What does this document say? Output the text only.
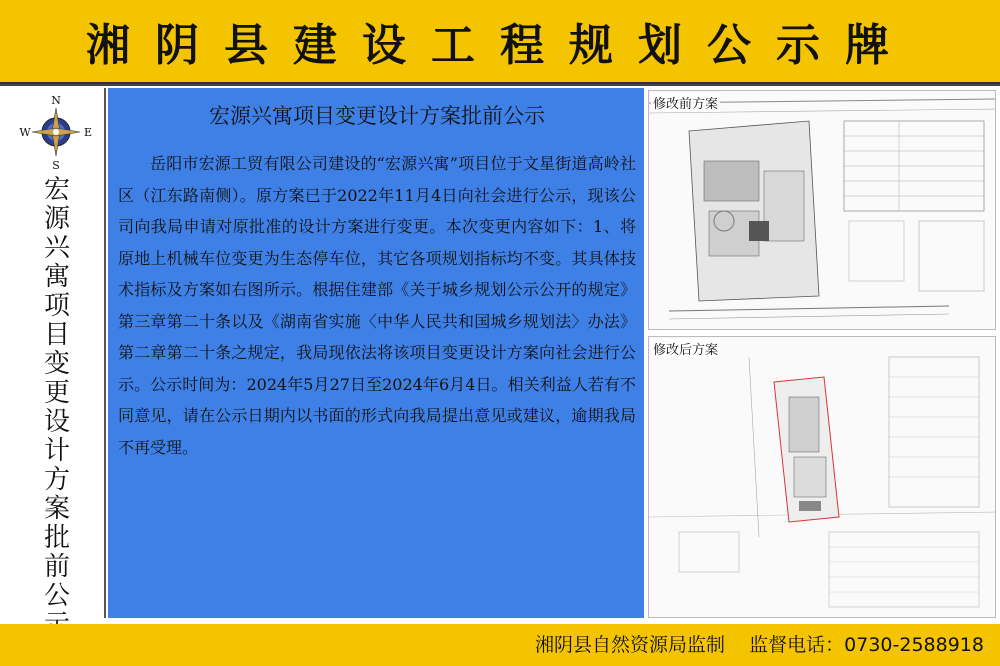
湘阴县建设工程规划公示牌
N
S
W	E
宏源兴寓项目变更设计方案批前公
宏源兴寓项目变更设计方案批前公示

岳阳市宏源工贸有限公司建设的“宏源兴寓”项目位于文星街道高岭社区（江东路南侧）。原方案已于2022年11月4日向社会进行公示，现该公司向我局申请对原批准的设计方案进行变更。本次变更内容如下：1、将原地上机械车位变更为生态停车位，其它各项规划指标均不变。其具体技术指标及方案如右图所示。根据住建部《关于城乡规划公示公开的规定》第三章第二十条以及《湖南省实施〈中华人民共和国城乡规划法〉办法》第二章第二十条之规定，我局现依法将该项目变更设计方案向社会进行公示。公示时间为：2024年5月27日至2024年6月4日。相关利益人若有不同意见，请在公示日期内以书面的形式向我局提出意见或建议，逾期我局不再受理。

修改前方案
修改后方案
湘阴县自然资源局监制    监督电话：0730-2588918
